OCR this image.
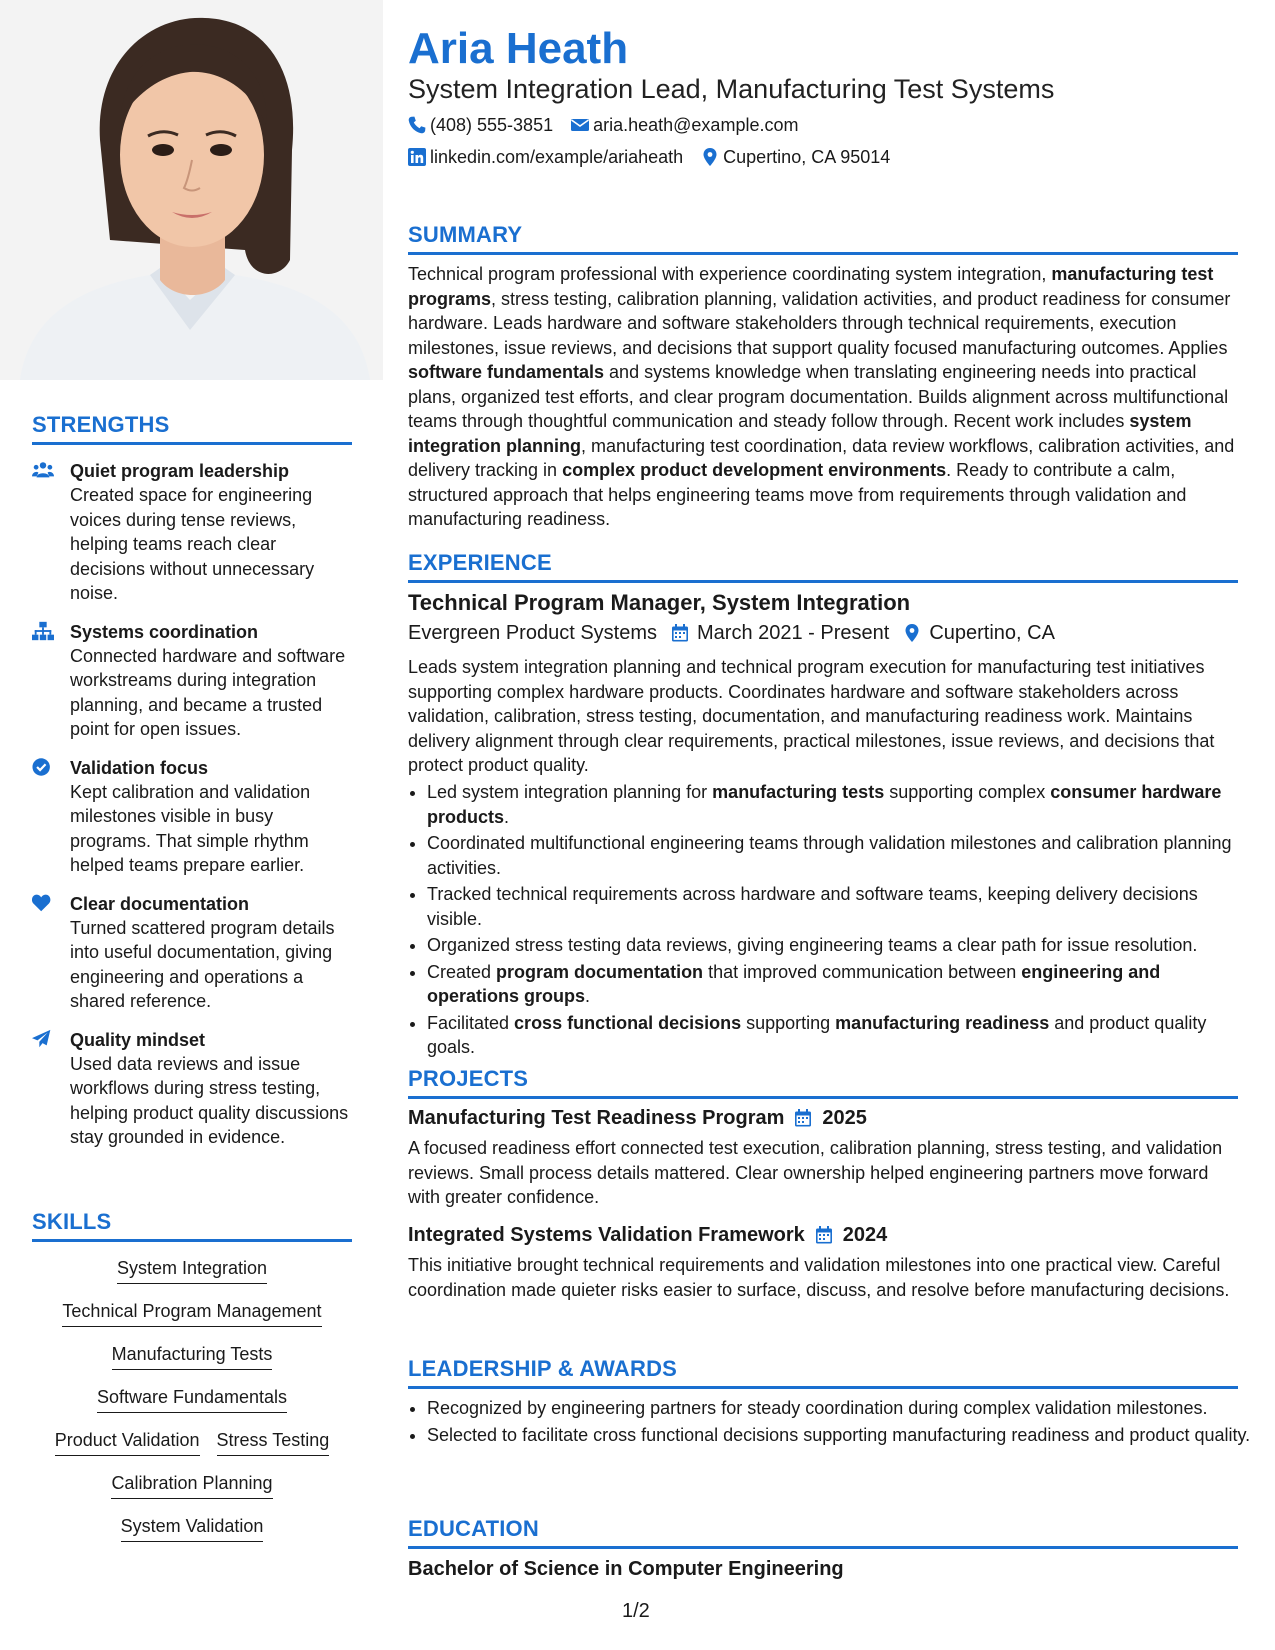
STRENGTHS
Quiet program leadership
Created space for engineering voices during tense reviews, helping teams reach clear decisions without unnecessary noise.
Systems coordination
Connected hardware and software workstreams during integration planning, and became a trusted point for open issues.
Validation focus
Kept calibration and validation milestones visible in busy programs. That simple rhythm helped teams prepare earlier.
Clear documentation
Turned scattered program details into useful documentation, giving engineering and operations a shared reference.
Quality mindset
Used data reviews and issue workflows during stress testing, helping product quality discussions stay grounded in evidence.
SKILLS
System Integration
Technical Program Management
Manufacturing Tests
Software Fundamentals
Product Validation Stress Testing
Calibration Planning
System Validation
Aria Heath
System Integration Lead, Manufacturing Test Systems
(408) 555-3851 aria.heath@example.com
linkedin.com/example/ariaheath Cupertino, CA 95014
SUMMARY
Technical program professional with experience coordinating system integration, manufacturing test programs, stress testing, calibration planning, validation activities, and product readiness for consumer hardware. Leads hardware and software stakeholders through technical requirements, execution milestones, issue reviews, and decisions that support quality focused manufacturing outcomes. Applies software fundamentals and systems knowledge when translating engineering needs into practical plans, organized test efforts, and clear program documentation. Builds alignment across multifunctional teams through thoughtful communication and steady follow through. Recent work includes system integration planning, manufacturing test coordination, data review workflows, calibration activities, and delivery tracking in complex product development environments. Ready to contribute a calm, structured approach that helps engineering teams move from requirements through validation and manufacturing readiness.
EXPERIENCE
Technical Program Manager, System Integration
Evergreen Product Systems March 2021 - Present Cupertino, CA
Leads system integration planning and technical program execution for manufacturing test initiatives supporting complex hardware products. Coordinates hardware and software stakeholders across validation, calibration, stress testing, documentation, and manufacturing readiness work. Maintains delivery alignment through clear requirements, practical milestones, issue reviews, and decisions that protect product quality.
• Led system integration planning for manufacturing tests supporting complex consumer hardware products.
• Coordinated multifunctional engineering teams through validation milestones and calibration planning activities.
• Tracked technical requirements across hardware and software teams, keeping delivery decisions visible.
• Organized stress testing data reviews, giving engineering teams a clear path for issue resolution.
• Created program documentation that improved communication between engineering and operations groups.
• Facilitated cross functional decisions supporting manufacturing readiness and product quality goals.
PROJECTS
Manufacturing Test Readiness Program 2025
A focused readiness effort connected test execution, calibration planning, stress testing, and validation reviews. Small process details mattered. Clear ownership helped engineering partners move forward with greater confidence.
Integrated Systems Validation Framework 2024
This initiative brought technical requirements and validation milestones into one practical view. Careful coordination made quieter risks easier to surface, discuss, and resolve before manufacturing decisions.
LEADERSHIP & AWARDS
• Recognized by engineering partners for steady coordination during complex validation milestones.
• Selected to facilitate cross functional decisions supporting manufacturing readiness and product quality.
EDUCATION
Bachelor of Science in Computer Engineering
1/2
